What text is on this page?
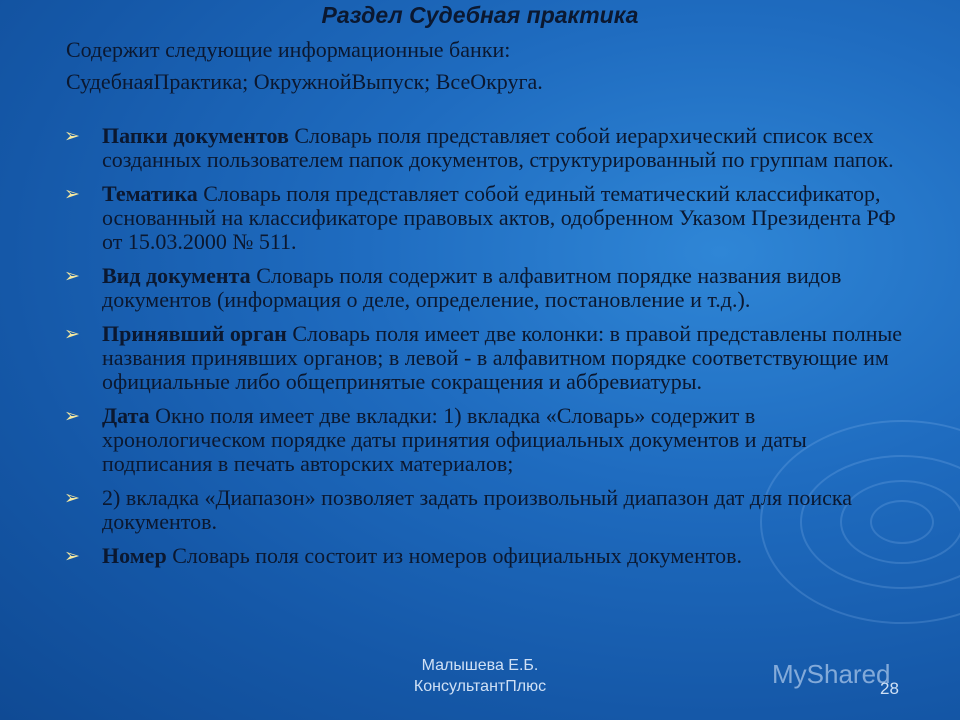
Раздел Судебная практика
Содержит следующие информационные банки:
СудебнаяПрактика; ОкружнойВыпуск; ВсеОкруга.
➢ Папки документов Словарь поля представляет собой иерархический список всех созданных пользователем папок документов, структурированный по группам папок.
➢ Тематика Словарь поля представляет собой единый тематический классификатор, основанный на классификаторе правовых актов, одобренном Указом Президента РФ от 15.03.2000 № 511.
➢ Вид документа Словарь поля содержит в алфавитном порядке названия видов документов (информация о деле, определение, постановление и т.д.).
➢ Принявший орган Словарь поля имеет две колонки: в правой представлены полные названия принявших органов; в левой - в алфавитном порядке соответствующие им официальные либо общепринятые сокращения и аббревиатуры.
➢ Дата Окно поля имеет две вкладки: 1) вкладка «Словарь» содержит в хронологическом порядке даты принятия официальных документов и даты подписания в печать авторских материалов;
➢ 2) вкладка «Диапазон» позволяет задать произвольный диапазон дат для поиска документов.
➢ Номер Словарь поля состоит из номеров официальных документов.
Малышева Е.Б.
КонсультантПлюс	28
MyShared
